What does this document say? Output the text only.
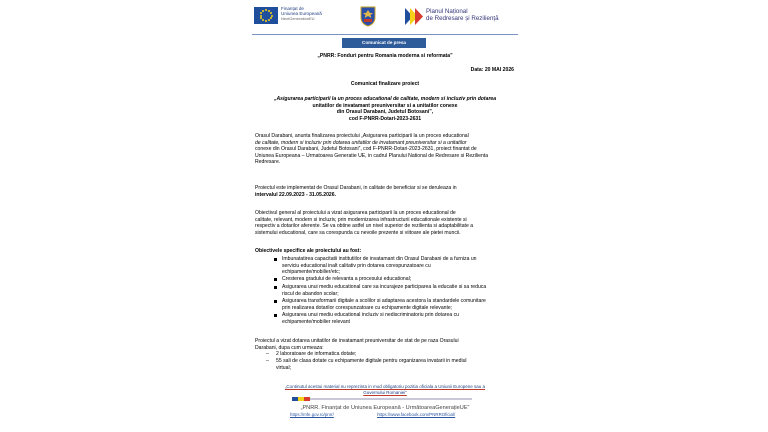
Finanțat de
Uniunea Europeană
NextGenerationEU
Planul Național
de Redresare și Reziliență
Comunicat de presa
„PNRR: Fonduri pentru Romania moderna si reformata”
Data: 20 MAI 2026
Comunicat finalizare proiect
„Asigurarea participarii la un proces educational de calitate, modern si incluziv prin dotarea
unitatilor de invatamant preuniversitar si a unitatilor conexe
din Orasul Darabani, Judetul Botosani”,
cod F-PNRR-Dotari-2023-2631
Orasul Darabani, anunta finalizarea proiectului „Asigurarea participarii la un proces educational
de calitate, modern si incluziv prin dotarea unitatilor de invatamant preuniversitar si a unitatilor
conexe din Orasul Darabani, Judetul Botosani”, cod F-PNRR-Dotari-2023-2631, proiect finantat de
Uniunea Europeana – Urmatoarea Generatie UE, in cadrul Planului National de Redresare si Rezilienta
Redresare.
Proiectul este implementat de Orasul Darabani, in calitate de beneficiar si se deruleaza in
intervalul 22.09.2023 - 31.05.2026.
Obiectivul general al proiectului a vizat asigurarea participarii la un proces educational de
calitate, relevant, modern si incluziv, prin modernizarea infrastructurii educationale existente si
respectiv a dotarilor aferente. Se va obtine astfel un nivel superior de rezilienta si adaptabilitate a
sistemului educational, care sa corespunda cu nevoile prezente si viitoare ale pietei muncii.
Obiectivele specifice ale proiectului au fost:
Imbunatatirea capacitatii institutiilor de invatamant din Orasul Darabani de a furniza un
serviciu educational inalt calitativ prin dotarea corespunzatoare cu
echipamente/mobilier/etc;
Cresterea gradului de relevanta a procesului educational;
Asigurarea unui mediu educational care sa incurajeze participarea la educatie si sa reduca
riscul de abandon scolar;
Asigurarea transformarii digitale a scolilor si adaptarea acestora la standardele comunitare
prin realizarea dotarilor corespunzatoare cu echipamente digitale relevante;
Asigurarea unui mediu educational incluziv si nediscriminatoriu prin dotarea cu
echipamente/mobilier relevant
Proiectul a vizat dotarea unitatilor de invatamant preuniversitar de stat de pe raza Orasului
Darabani, dupa cum urmeaza:
– 2 laboratoare de informatica dotate;
– 55 sali de clasa dotate cu echipamente digitale pentru organizarea invatarii in mediul
virtual;
„Continutul acestui material nu reprezinta in mod obligatoriu pozitia oficiala a Uniunii Europene sau a
Guvernului Romaniei”
„PNRR. Finanțat de Uniunea Europeană - UrmătoareaGenerațieUE”
https://mfe.gov.ro/pnrr/	https://www.facebook.com/PNRROficial/
